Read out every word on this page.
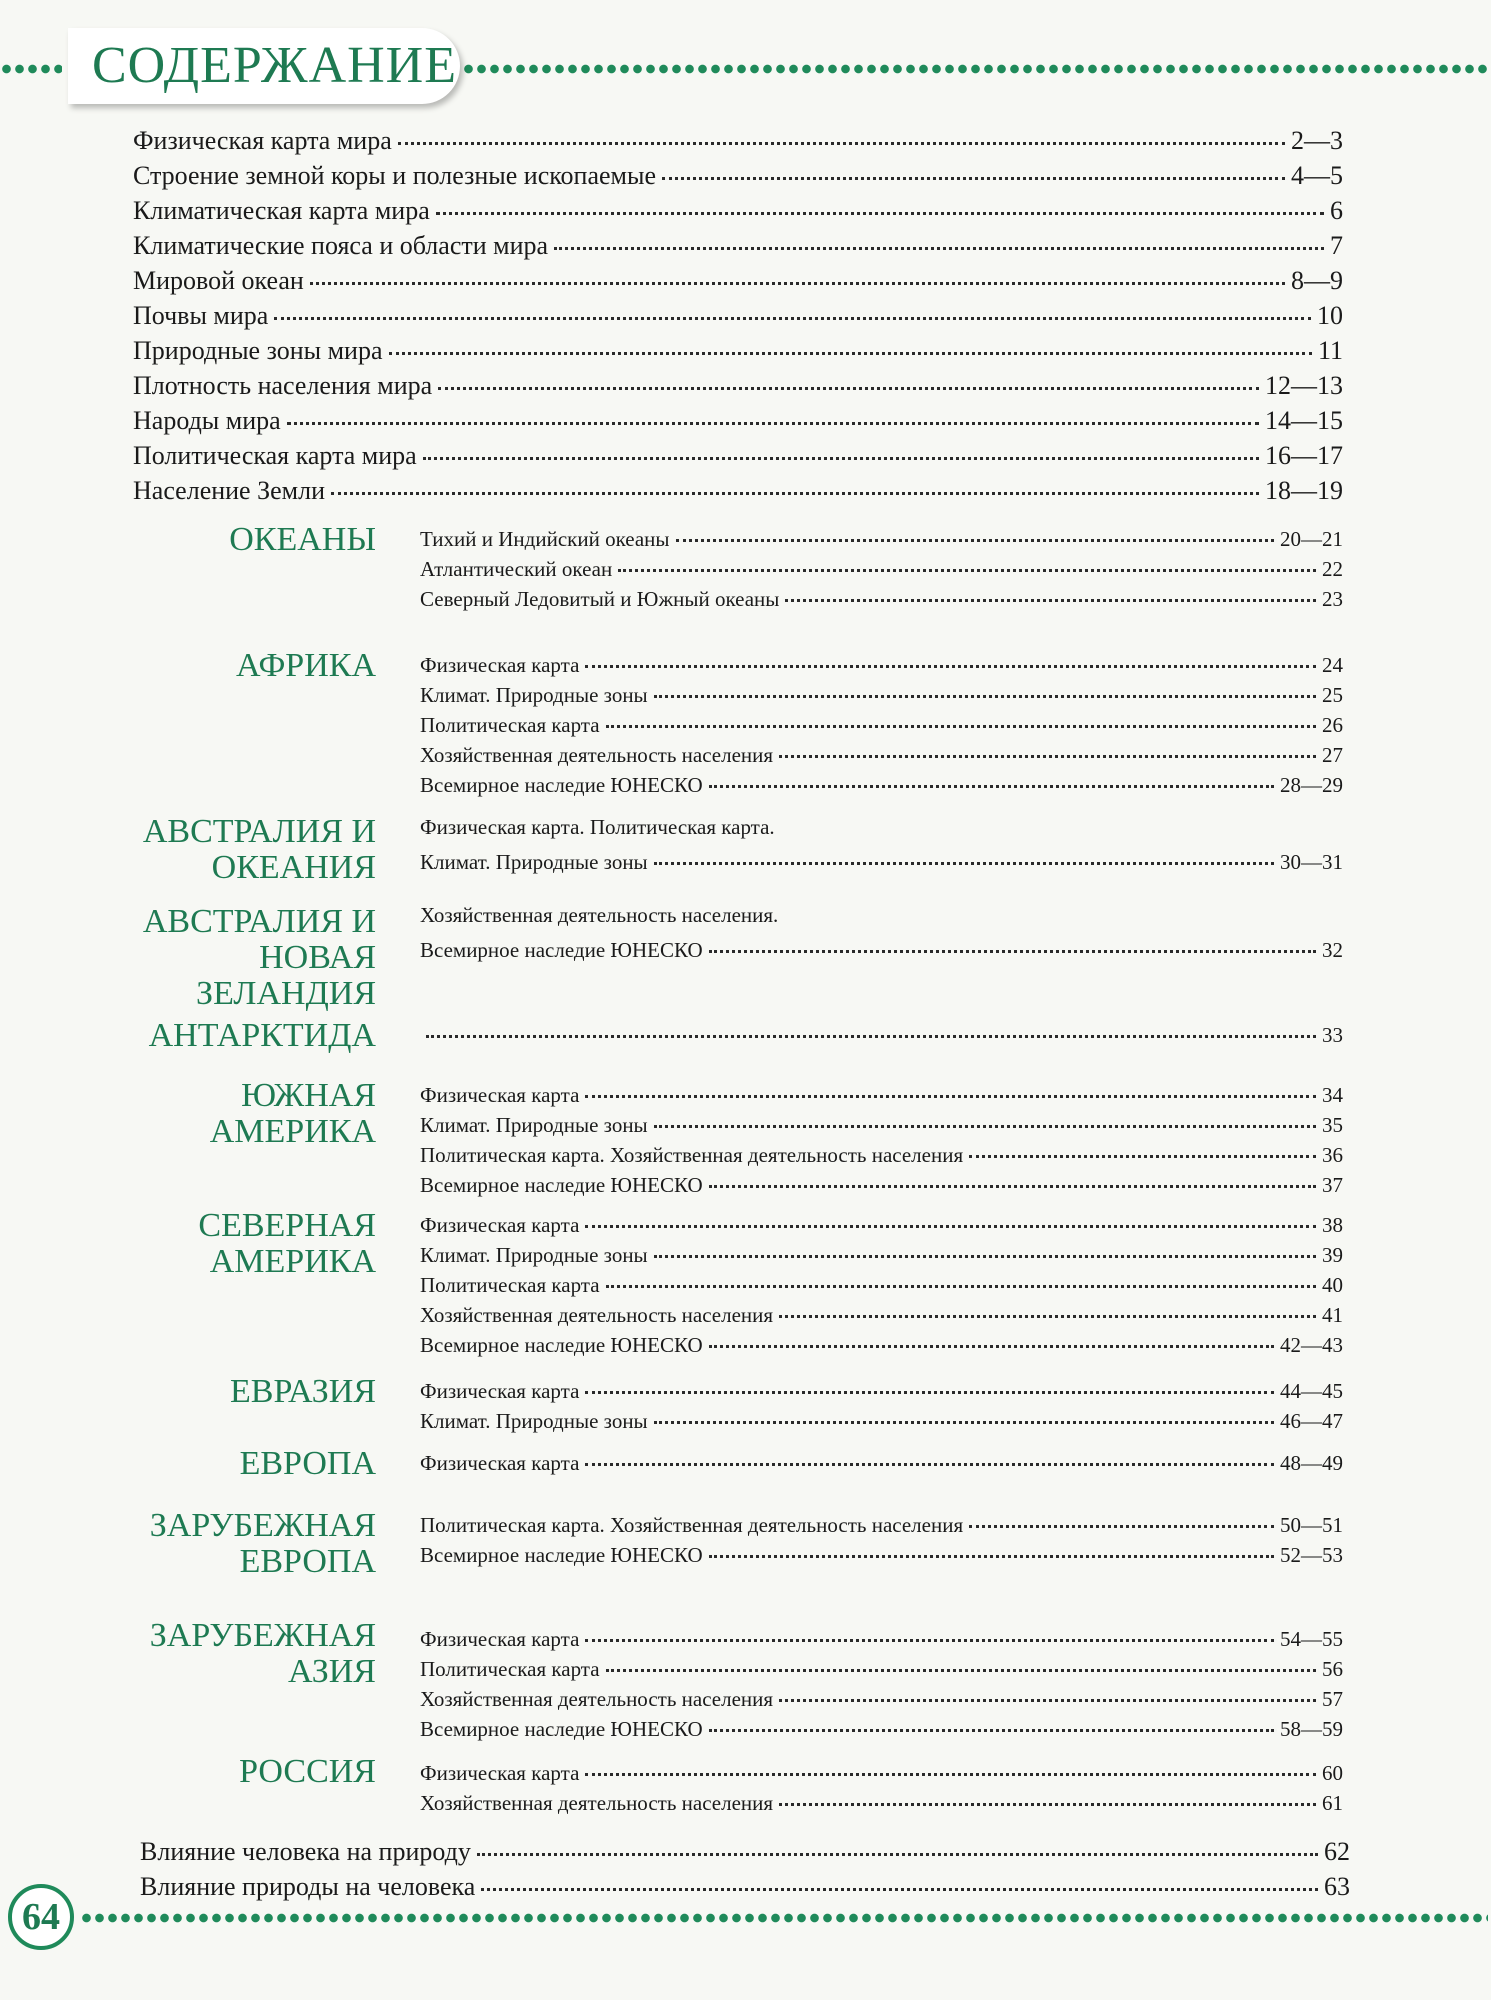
СОДЕРЖАНИЕ
Физическая карта мира	2—3
Строение земной коры и полезные ископаемые	4—5
Климатическая карта мира	6
Климатические пояса и области мира	7
Мировой океан	8—9
Почвы мира	10
Природные зоны мира	11
Плотность населения мира	12—13
Народы мира	14—15
Политическая карта мира	16—17
Население Земли	18—19
ОКЕАНЫ Тихий и Индийский океаны	20—21
Атлантический океан	22
Северный Ледовитый и Южный океаны	23
АФРИКА Физическая карта	24
Климат. Природные зоны	25
Политическая карта	26
Хозяйственная деятельность населения	27
Всемирное наследие ЮНЕСКО	28—29
АВСТРАЛИЯ И
ОКЕАНИЯ
Физическая карта. Политическая карта.
Климат. Природные зоны	30—31
АВСТРАЛИЯ И
НОВАЯ
ЗЕЛАНДИЯ
Хозяйственная деятельность населения.
Всемирное наследие ЮНЕСКО	32
АНТАРКТИДА	33
ЮЖНАЯ
АМЕРИКА
Физическая карта	34
Климат. Природные зоны	35
Политическая карта. Хозяйственная деятельность населения	36
Всемирное наследие ЮНЕСКО	37
СЕВЕРНАЯ
АМЕРИКА
Физическая карта	38
Климат. Природные зоны	39
Политическая карта	40
Хозяйственная деятельность населения	41
Всемирное наследие ЮНЕСКО	42—43
ЕВРАЗИЯ Физическая карта	44—45
Климат. Природные зоны	46—47
ЕВРОПА Физическая карта	48—49
ЗАРУБЕЖНАЯ
ЕВРОПА
Политическая карта. Хозяйственная деятельность населения	50—51
Всемирное наследие ЮНЕСКО	52—53
ЗАРУБЕЖНАЯ
АЗИЯ
Физическая карта	54—55
Политическая карта	56
Хозяйственная деятельность населения	57
Всемирное наследие ЮНЕСКО	58—59
РОССИЯ Физическая карта	60
Хозяйственная деятельность населения	61
Влияние человека на природу	62
Влияние природы на человека	63
64
